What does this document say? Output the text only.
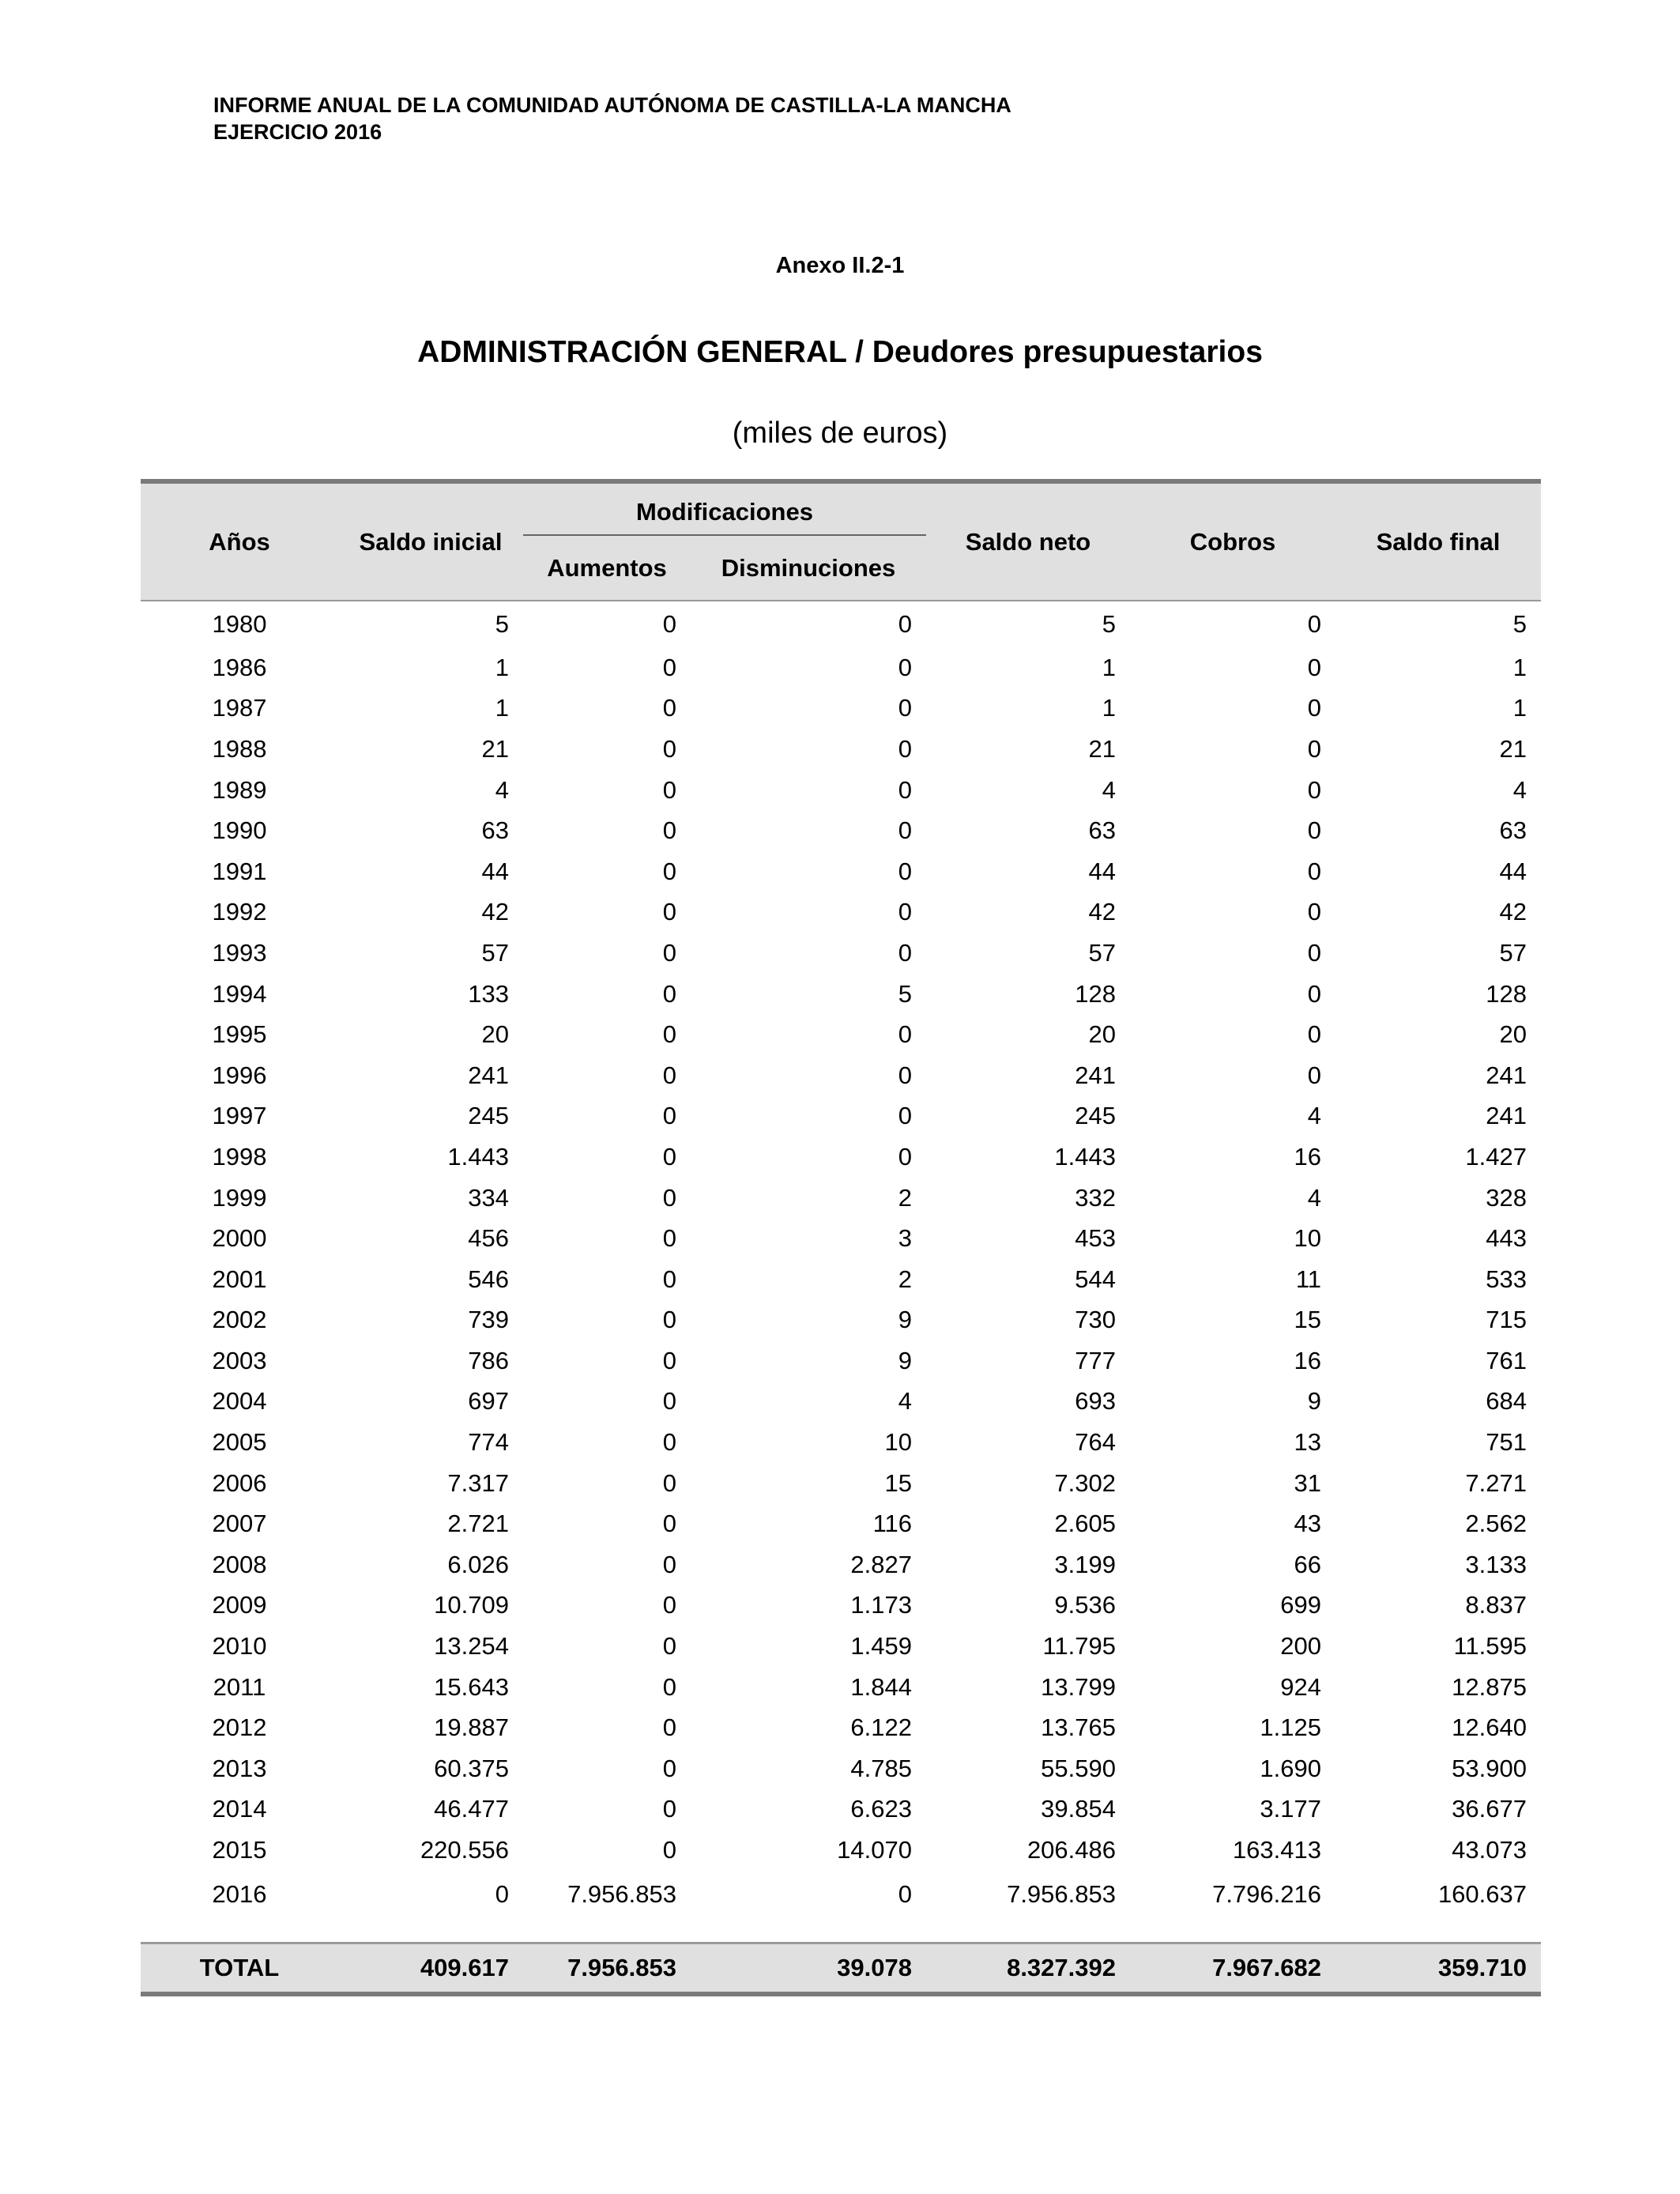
INFORME ANUAL DE LA COMUNIDAD AUTÓNOMA DE CASTILLA-LA MANCHA
EJERCICIO 2016
Anexo II.2-1
ADMINISTRACIÓN GENERAL / Deudores presupuestarios
(miles de euros)
Años	Saldo inicial	Modificaciones		Saldo neto	Cobros	Saldo final
		Aumentos	Disminuciones			

1980	5	0	0	5	0	5
1986	1	0	0	1	0	1
1987	1	0	0	1	0	1
1988	21	0	0	21	0	21
1989	4	0	0	4	0	4
1990	63	0	0	63	0	63
1991	44	0	0	44	0	44
1992	42	0	0	42	0	42
1993	57	0	0	57	0	57
1994	133	0	5	128	0	128
1995	20	0	0	20	0	20
1996	241	0	0	241	0	241
1997	245	0	0	245	4	241
1998	1.443	0	0	1.443	16	1.427
1999	334	0	2	332	4	328
2000	456	0	3	453	10	443
2001	546	0	2	544	11	533
2002	739	0	9	730	15	715
2003	786	0	9	777	16	761
2004	697	0	4	693	9	684
2005	774	0	10	764	13	751
2006	7.317	0	15	7.302	31	7.271
2007	2.721	0	116	2.605	43	2.562
2008	6.026	0	2.827	3.199	66	3.133
2009	10.709	0	1.173	9.536	699	8.837
2010	13.254	0	1.459	11.795	200	11.595
2011	15.643	0	1.844	13.799	924	12.875
2012	19.887	0	6.122	13.765	1.125	12.640
2013	60.375	0	4.785	55.590	1.690	53.900
2014	46.477	0	6.623	39.854	3.177	36.677
2015	220.556	0	14.070	206.486	163.413	43.073
2016	0	7.956.853	0	7.956.853	7.796.216	160.637

TOTAL	409.617	7.956.853	39.078	8.327.392	7.967.682	359.710
